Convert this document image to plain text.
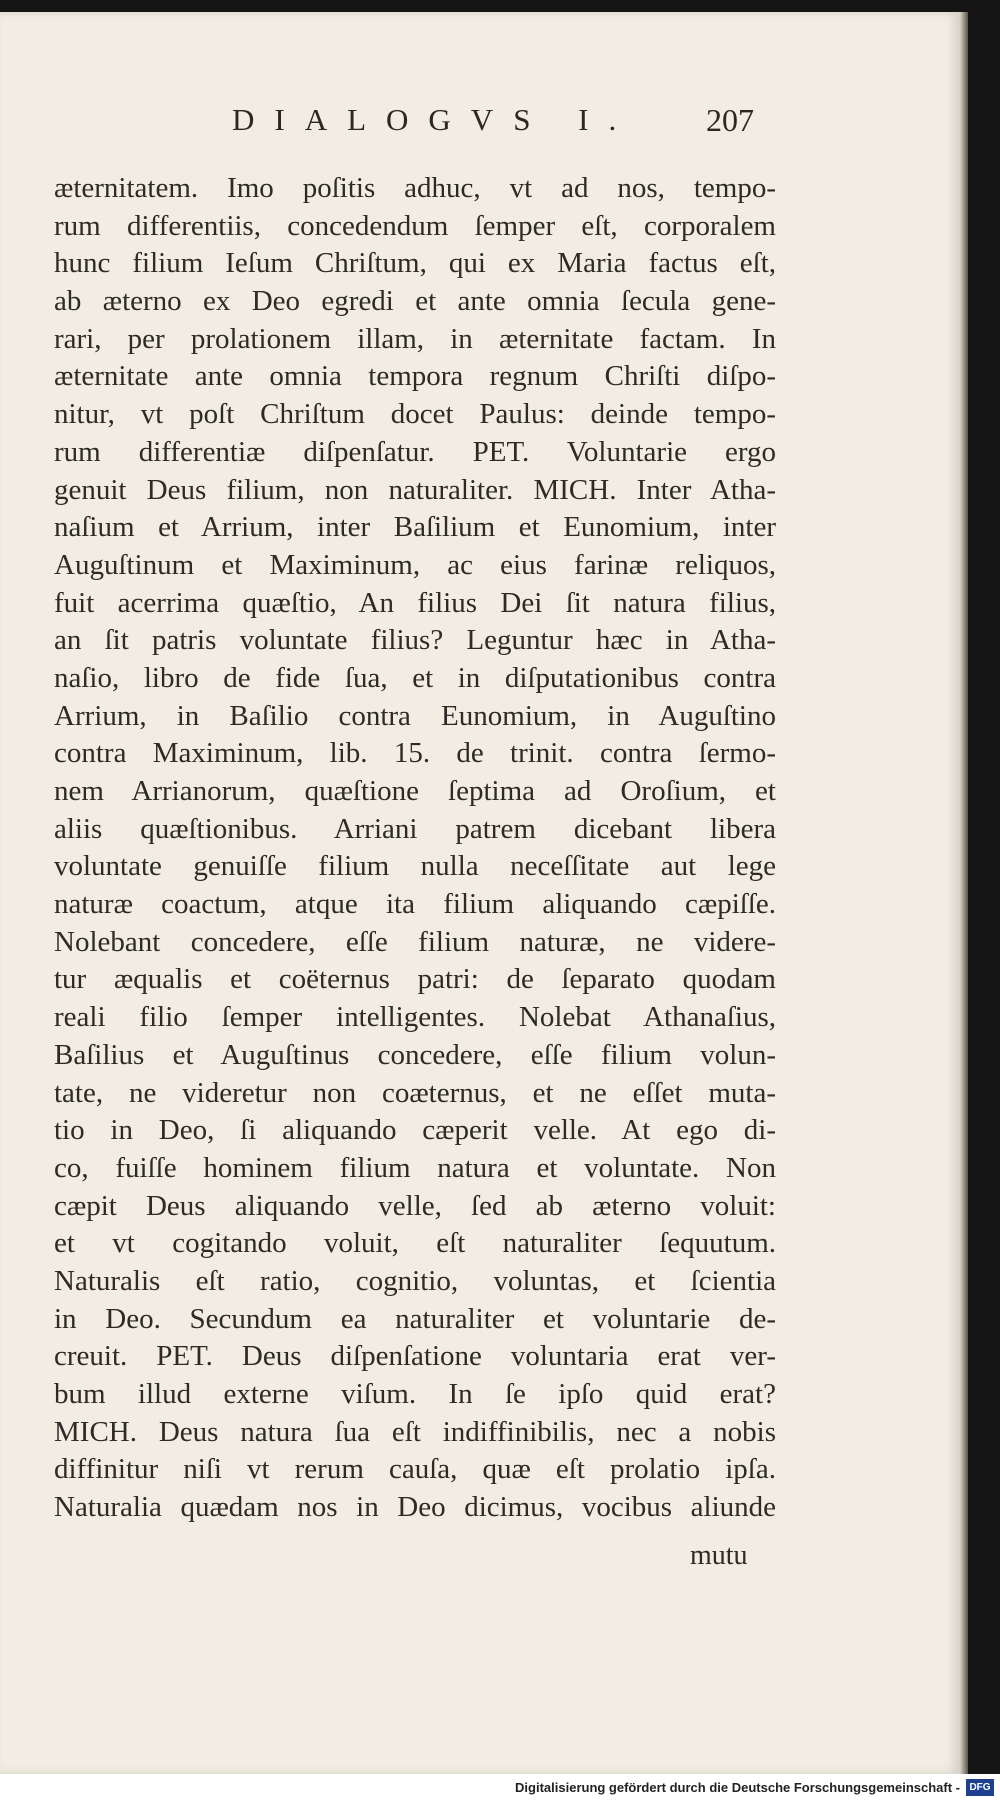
DIALOGVS I. 207
æternitatem. Imo poſitis adhuc, vt ad nos, tempo-
rum differentiis, concedendum ſemper eſt, corporalem
hunc filium Ieſum Chriſtum, qui ex Maria factus eſt,
ab æterno ex Deo egredi et ante omnia ſecula gene-
rari, per prolationem illam, in æternitate factam. In
æternitate ante omnia tempora regnum Chriſti diſpo-
nitur, vt poſt Chriſtum docet Paulus: deinde tempo-
rum differentiæ diſpenſatur. PET. Voluntarie ergo
genuit Deus filium, non naturaliter. MICH. Inter Atha-
naſium et Arrium, inter Baſilium et Eunomium, inter
Auguſtinum et Maximinum, ac eius farinæ reliquos,
fuit acerrima quæſtio, An filius Dei ſit natura filius,
an ſit patris voluntate filius? Leguntur hæc in Atha-
naſio, libro de fide ſua, et in diſputationibus contra
Arrium, in Baſilio contra Eunomium, in Auguſtino
contra Maximinum, lib. 15. de trinit. contra ſermo-
nem Arrianorum, quæſtione ſeptima ad Oroſium, et
aliis quæſtionibus. Arriani patrem dicebant libera
voluntate genuiſſe filium nulla neceſſitate aut lege
naturæ coactum, atque ita filium aliquando cæpiſſe.
Nolebant concedere, eſſe filium naturæ, ne videre-
tur æqualis et coëternus patri: de ſeparato quodam
reali filio ſemper intelligentes. Nolebat Athanaſius,
Baſilius et Auguſtinus concedere, eſſe filium volun-
tate, ne videretur non coæternus, et ne eſſet muta-
tio in Deo, ſi aliquando cæperit velle. At ego di-
co, fuiſſe hominem filium natura et voluntate. Non
cæpit Deus aliquando velle, ſed ab æterno voluit:
et vt cogitando voluit, eſt naturaliter ſequutum.
Naturalis eſt ratio, cognitio, voluntas, et ſcientia
in Deo. Secundum ea naturaliter et voluntarie de-
creuit. PET. Deus diſpenſatione voluntaria erat ver-
bum illud externe viſum. In ſe ipſo quid erat?
MICH. Deus natura ſua eſt indiffinibilis, nec a nobis
diffinitur niſi vt rerum cauſa, quæ eſt prolatio ipſa.
Naturalia quædam nos in Deo dicimus, vocibus aliunde
mutu
Digitalisierung gefördert durch die Deutsche Forschungsgemeinschaft - DFG
